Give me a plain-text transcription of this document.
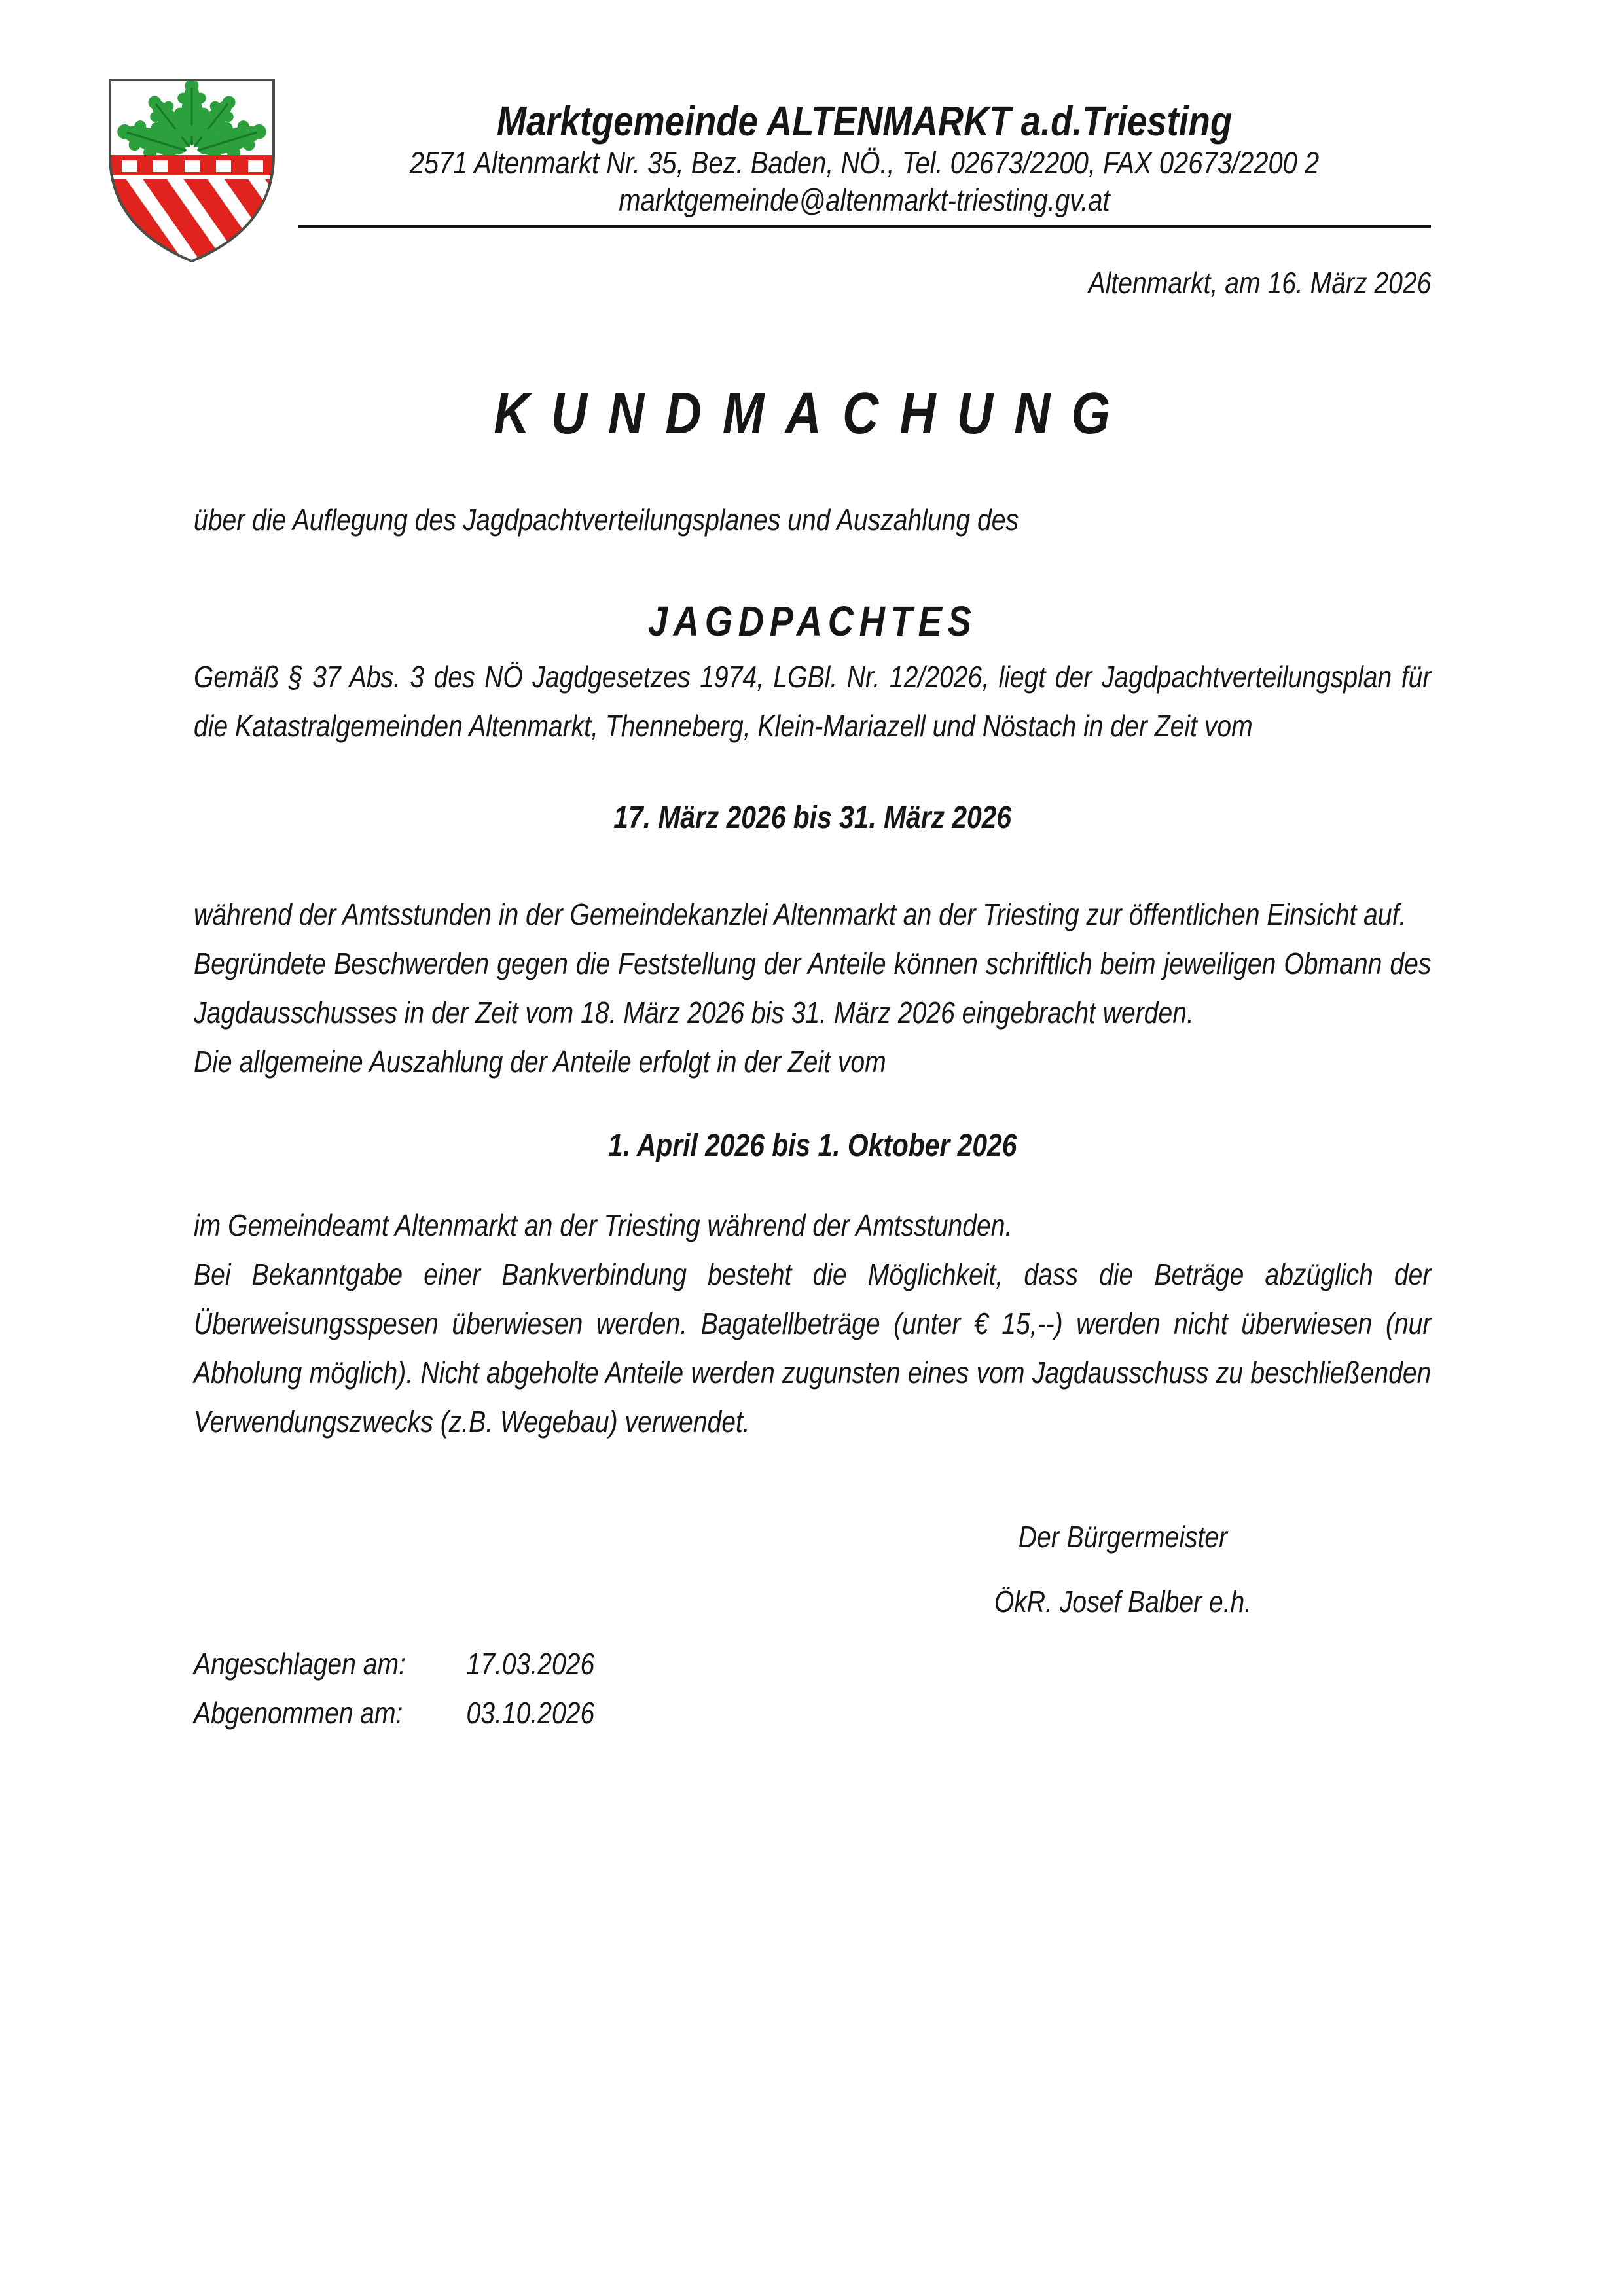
Marktgemeinde ALTENMARKT a.d.Triesting
2571 Altenmarkt Nr. 35, Bez. Baden, NÖ., Tel. 02673/2200, FAX 02673/2200 2
marktgemeinde@altenmarkt-triesting.gv.at
Altenmarkt, am 16. März 2026
KUNDMACHUNG
über die Auflegung des Jagdpachtverteilungsplanes und Auszahlung des
JAGDPACHTES

Gemäß § 37 Abs. 3 des NÖ Jagdgesetzes 1974, LGBl. Nr. 12/2026, liegt der Jagdpachtverteilungsplan für die Katastralgemeinden Altenmarkt, Thenneberg, Klein-Mariazell und Nöstach in der Zeit vom

17. März 2026 bis 31. März 2026

während der Amtsstunden in der Gemeindekanzlei Altenmarkt an der Triesting zur öffentlichen Einsicht auf.

Begründete Beschwerden gegen die Feststellung der Anteile können schriftlich beim jeweiligen Obmann des Jagdausschusses in der Zeit vom 18. März 2026 bis 31. März 2026 eingebracht werden.

Die allgemeine Auszahlung der Anteile erfolgt in der Zeit vom

1. April 2026 bis 1. Oktober 2026

im Gemeindeamt Altenmarkt an der Triesting während der Amtsstunden.

Bei Bekanntgabe einer Bankverbindung besteht die Möglichkeit, dass die Beträge abzüglich der Überweisungsspesen überwiesen werden. Bagatellbeträge (unter € 15,--) werden nicht überwiesen (nur Abholung möglich). Nicht abgeholte Anteile werden zugunsten eines vom Jagdausschuss zu beschließenden Verwendungszwecks (z.B. Wegebau) verwendet.

Der Bürgermeister
ÖkR. Josef Balber e.h.
Angeschlagen am: 17.03.2026
Abgenommen am: 03.10.2026
